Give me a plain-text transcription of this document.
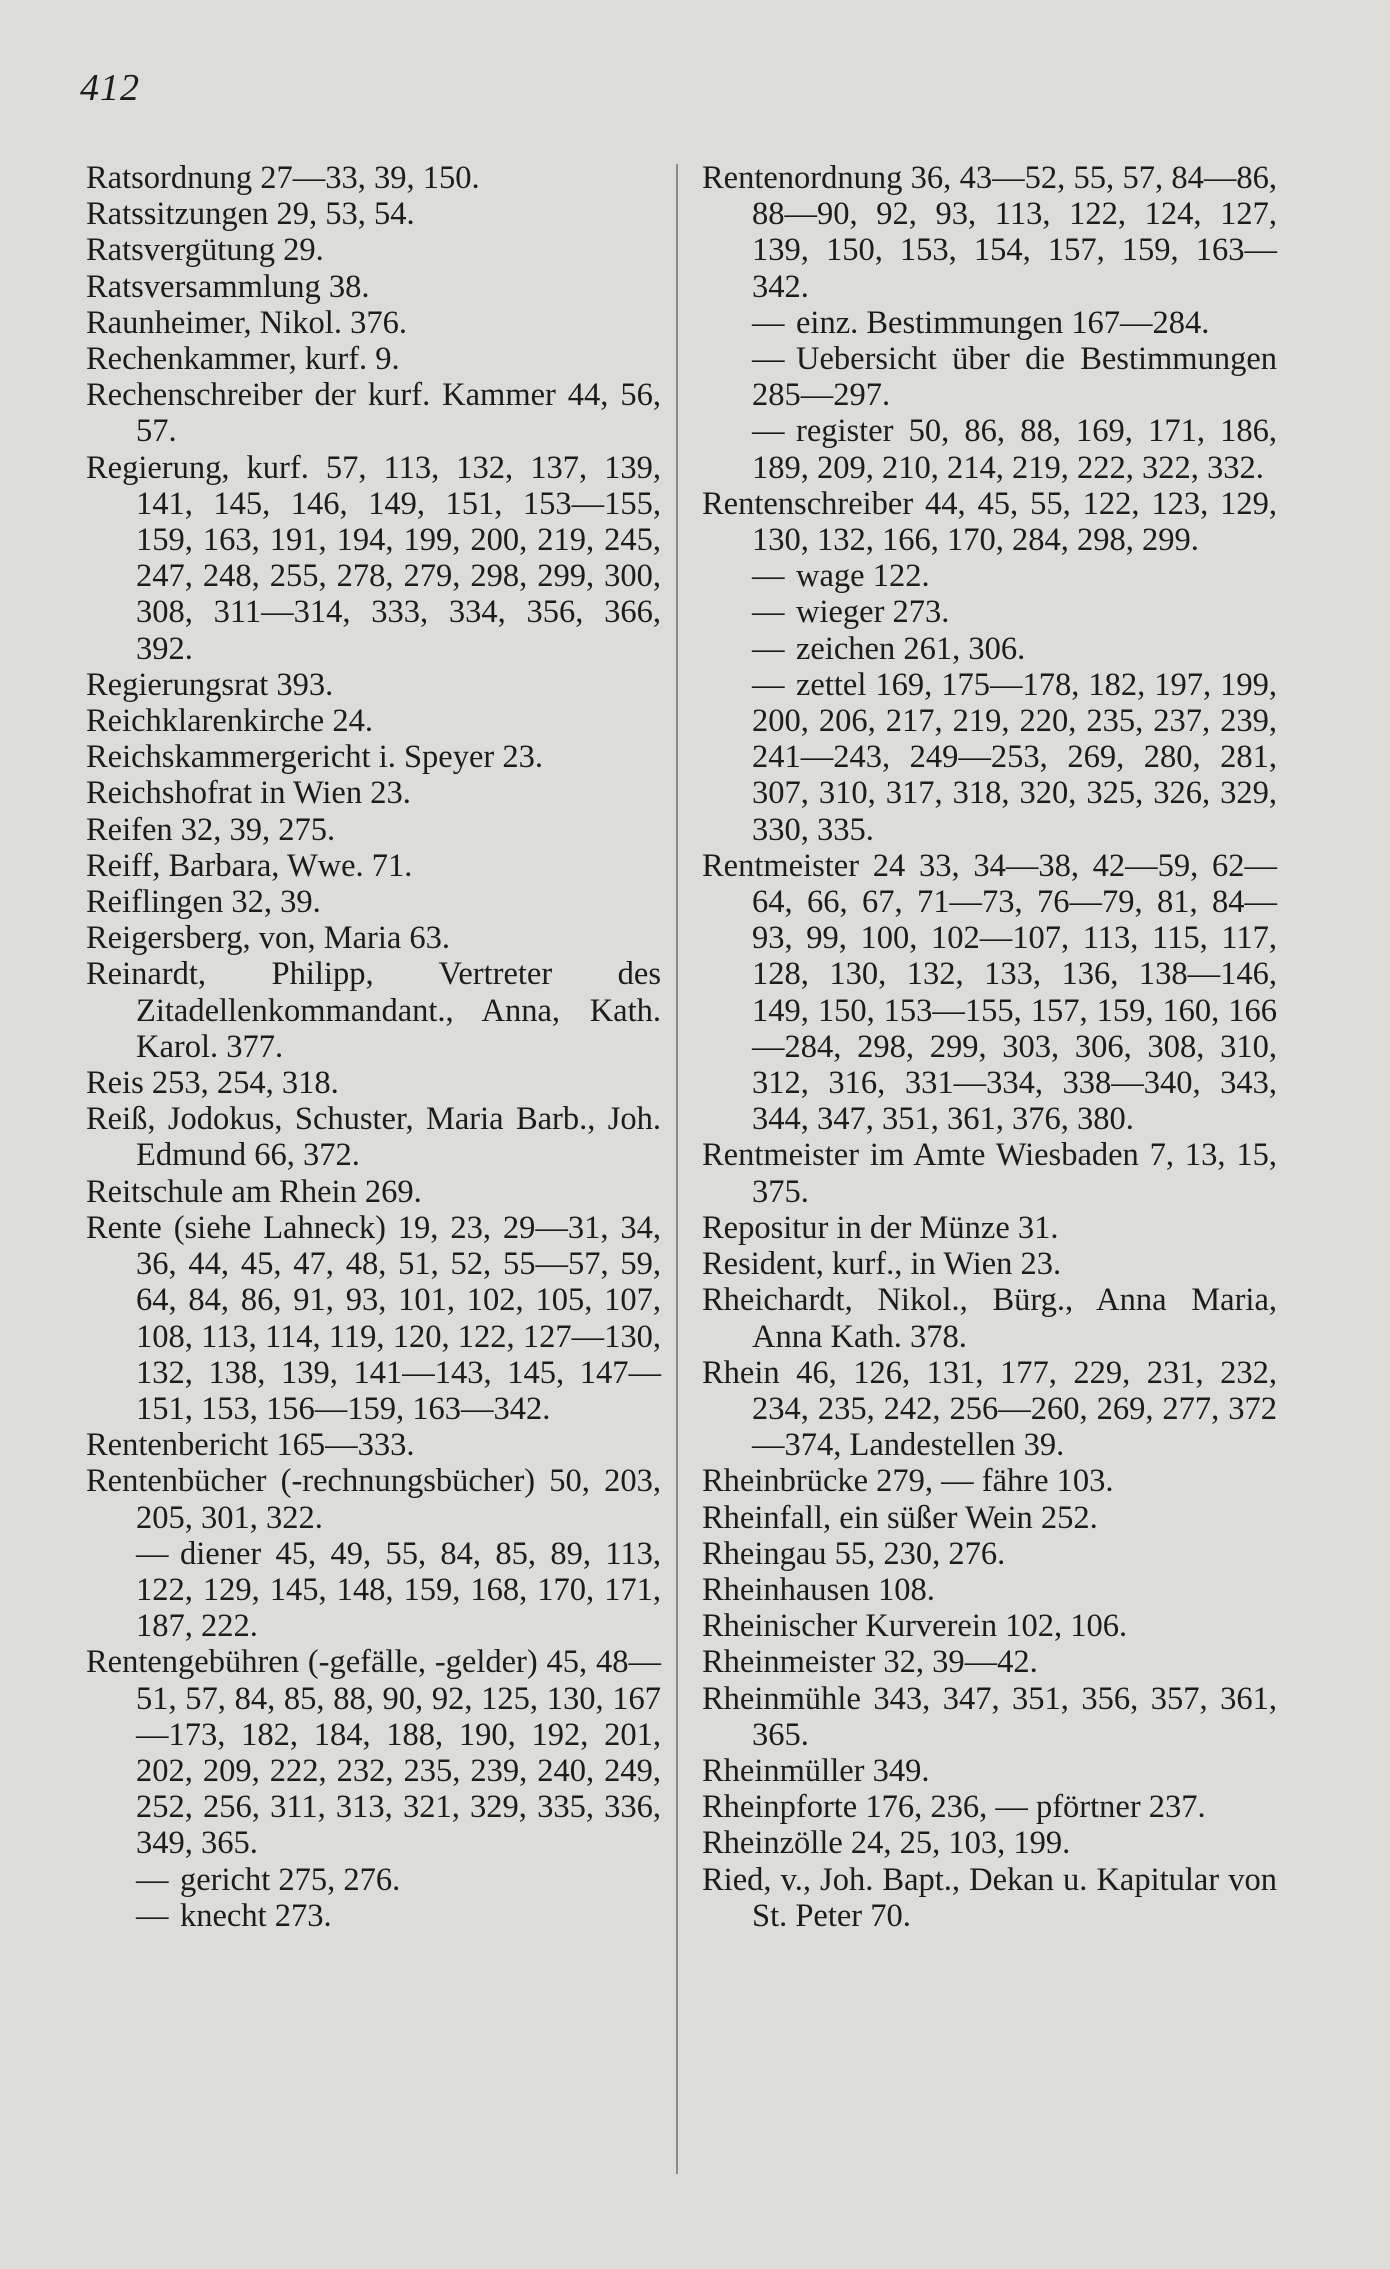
412
Ratsordnung 27—33, 39, 150.
Ratssitzungen 29, 53, 54.
Ratsvergütung 29.
Ratsversammlung 38.
Raunheimer, Nikol. 376.
Rechenkammer, kurf. 9.
Rechenschreiber der kurf. Kammer 44, 56, 57.
Regierung, kurf. 57, 113, 132, 137, 139, 141, 145, 146, 149, 151, 153—155, 159, 163, 191, 194, 199, 200, 219, 245, 247, 248, 255, 278, 279, 298, 299, 300, 308, 311—314, 333, 334, 356, 366, 392.
Regierungsrat 393.
Reichklarenkirche 24.
Reichskammergericht i. Speyer 23.
Reichshofrat in Wien 23.
Reifen 32, 39, 275.
Reiff, Barbara, Wwe. 71.
Reiflingen 32, 39.
Reigersberg, von, Maria 63.
Reinardt, Philipp, Vertreter des Zitadellenkommandant., Anna, Kath. Karol. 377.
Reis 253, 254, 318.
Reiß, Jodokus, Schuster, Maria Barb., Joh. Edmund 66, 372.
Reitschule am Rhein 269.
Rente (siehe Lahneck) 19, 23, 29—31, 34, 36, 44, 45, 47, 48, 51, 52, 55—57, 59, 64, 84, 86, 91, 93, 101, 102, 105, 107, 108, 113, 114, 119, 120, 122, 127—130, 132, 138, 139, 141—143, 145, 147—151, 153, 156—159, 163—342.
Rentenbericht 165—333.
Rentenbücher (-rechnungsbücher) 50, 203, 205, 301, 322.
— diener 45, 49, 55, 84, 85, 89, 113, 122, 129, 145, 148, 159, 168, 170, 171, 187, 222.
Rentengebühren (-gefälle, -gelder) 45, 48—51, 57, 84, 85, 88, 90, 92, 125, 130, 167—173, 182, 184, 188, 190, 192, 201, 202, 209, 222, 232, 235, 239, 240, 249, 252, 256, 311, 313, 321, 329, 335, 336, 349, 365.
— gericht 275, 276.
— knecht 273.
Rentenordnung 36, 43—52, 55, 57, 84—86, 88—90, 92, 93, 113, 122, 124, 127, 139, 150, 153, 154, 157, 159, 163—342.
— einz. Bestimmungen 167—284.
— Uebersicht über die Bestimmungen 285—297.
— register 50, 86, 88, 169, 171, 186, 189, 209, 210, 214, 219, 222, 322, 332.
Rentenschreiber 44, 45, 55, 122, 123, 129, 130, 132, 166, 170, 284, 298, 299.
— wage 122.
— wieger 273.
— zeichen 261, 306.
— zettel 169, 175—178, 182, 197, 199, 200, 206, 217, 219, 220, 235, 237, 239, 241—243, 249—253, 269, 280, 281, 307, 310, 317, 318, 320, 325, 326, 329, 330, 335.
Rentmeister 24 33, 34—38, 42—59, 62—64, 66, 67, 71—73, 76—79, 81, 84—93, 99, 100, 102—107, 113, 115, 117, 128, 130, 132, 133, 136, 138—146, 149, 150, 153—155, 157, 159, 160, 166—284, 298, 299, 303, 306, 308, 310, 312, 316, 331—334, 338—340, 343, 344, 347, 351, 361, 376, 380.
Rentmeister im Amte Wiesbaden 7, 13, 15, 375.
Repositur in der Münze 31.
Resident, kurf., in Wien 23.
Rheichardt, Nikol., Bürg., Anna Maria, Anna Kath. 378.
Rhein 46, 126, 131, 177, 229, 231, 232, 234, 235, 242, 256—260, 269, 277, 372—374, Landestellen 39.
Rheinbrücke 279, — fähre 103.
Rheinfall, ein süßer Wein 252.
Rheingau 55, 230, 276.
Rheinhausen 108.
Rheinischer Kurverein 102, 106.
Rheinmeister 32, 39—42.
Rheinmühle 343, 347, 351, 356, 357, 361, 365.
Rheinmüller 349.
Rheinpforte 176, 236, — pförtner 237.
Rheinzölle 24, 25, 103, 199.
Ried, v., Joh. Bapt., Dekan u. Kapitular von St. Peter 70.
